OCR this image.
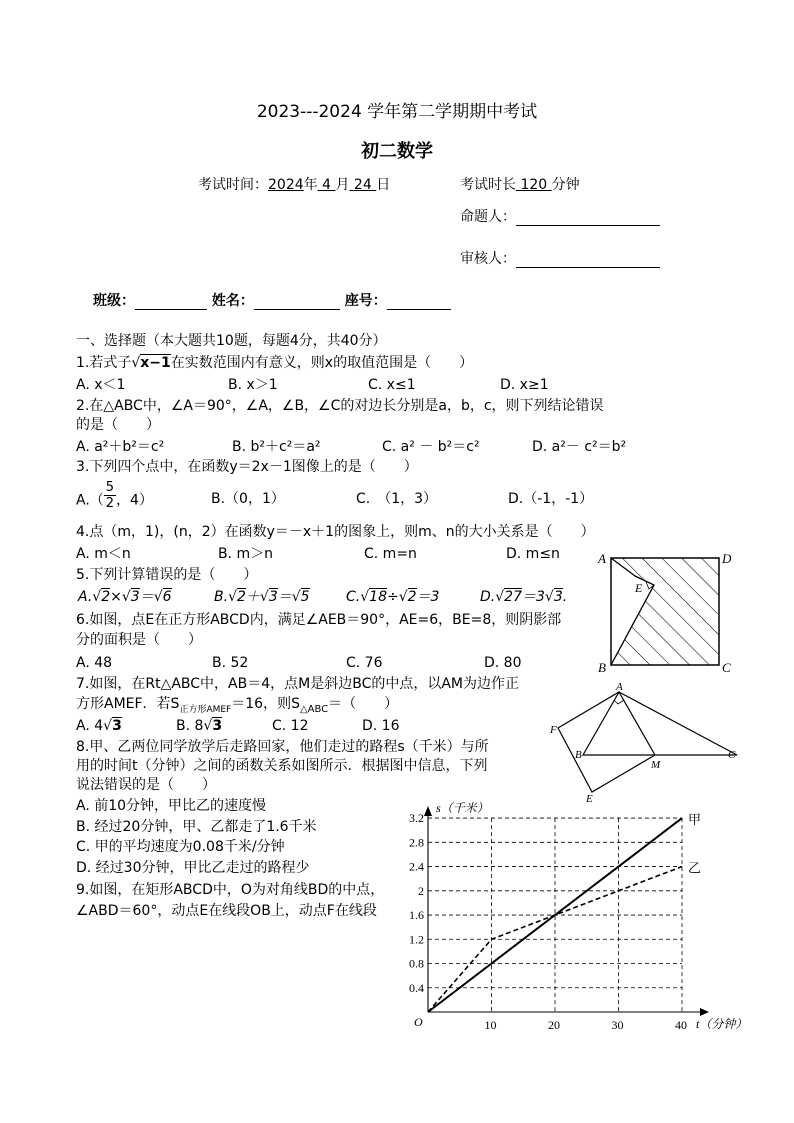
2023---2024 学年第二学期期中考试
初二数学
考试时间：2024年 4 月 24 日	考试时长 120 分钟
命题人：
审核人：
班级：	姓名：	座号：
一、选择题（本大题共10题，每题4分，共40分）
1.若式子√x−1在实数范围内有意义，则x的取值范围是（　　）
A. x＜1	B. x＞1	C. x≤1	D. x≥1
2.在△ABC中，∠A＝90°，∠A，∠B，∠C的对边长分别是a，b，c，则下列结论错误
的是（　　）
A. a²＋b²＝c²	B. b²＋c²＝a²	C. a² － b²＝c²	D. a²－ c²＝b²
3.下列四个点中，在函数y＝2x－1图像上的是（　　）
$A.( \frac{5}{2}$ ，4）	B.（0，1）	C.　（1，3）	D.（-1，-1）
4.点（m，1)，(n，2）在函数y＝－x＋1的图象上，则m、n的大小关系是（　　）
A. m＜n	B. m＞n	C. m=n	D. m≤n
5.下列计算错误的是（　　）
A.√2×√3＝√6	B.√2＋√3＝√5	C.√18÷√2＝3	D.√27＝3√3.
6.如图，点E在正方形ABCD内，满足∠AEB＝90°，AE=6，BE=8，则阴影部
分的面积是（　　）
A. 48	B. 52	C. 76	D. 80
7.如图，在Rt△ABC中，AB＝4，点M是斜边BC的中点，以AM为边作正
方形AMEF．若$S_{正方形AMEF}=16$，则$S_{\triangle ABC}=$（　　）
A. 4√3	B. 8√3	C. 12	D. 16
8.甲、乙两位同学放学后走路回家，他们走过的路程s（千米）与所
用的时间t（分钟）之间的函数关系如图所示．根据图中信息，下列
说法错误的是（　　）
A. 前10分钟，甲比乙的速度慢
B. 经过20分钟，甲、乙都走了1.6千米
C. 甲的平均速度为0.08千米/分钟
D. 经过30分钟，甲比乙走过的路程少
9.如图，在矩形ABCD中，O为对角线BD的中点，
∠ABD＝60°，动点E在线段OB上，动点F在线段
A	D
B	C
E
A
B	C
M
E
F
甲
乙
10	20	30	40
0.4
0.8
1.2
1.6
2
2.4
2.8
3.2
s（千米）
t（分钟）
O
